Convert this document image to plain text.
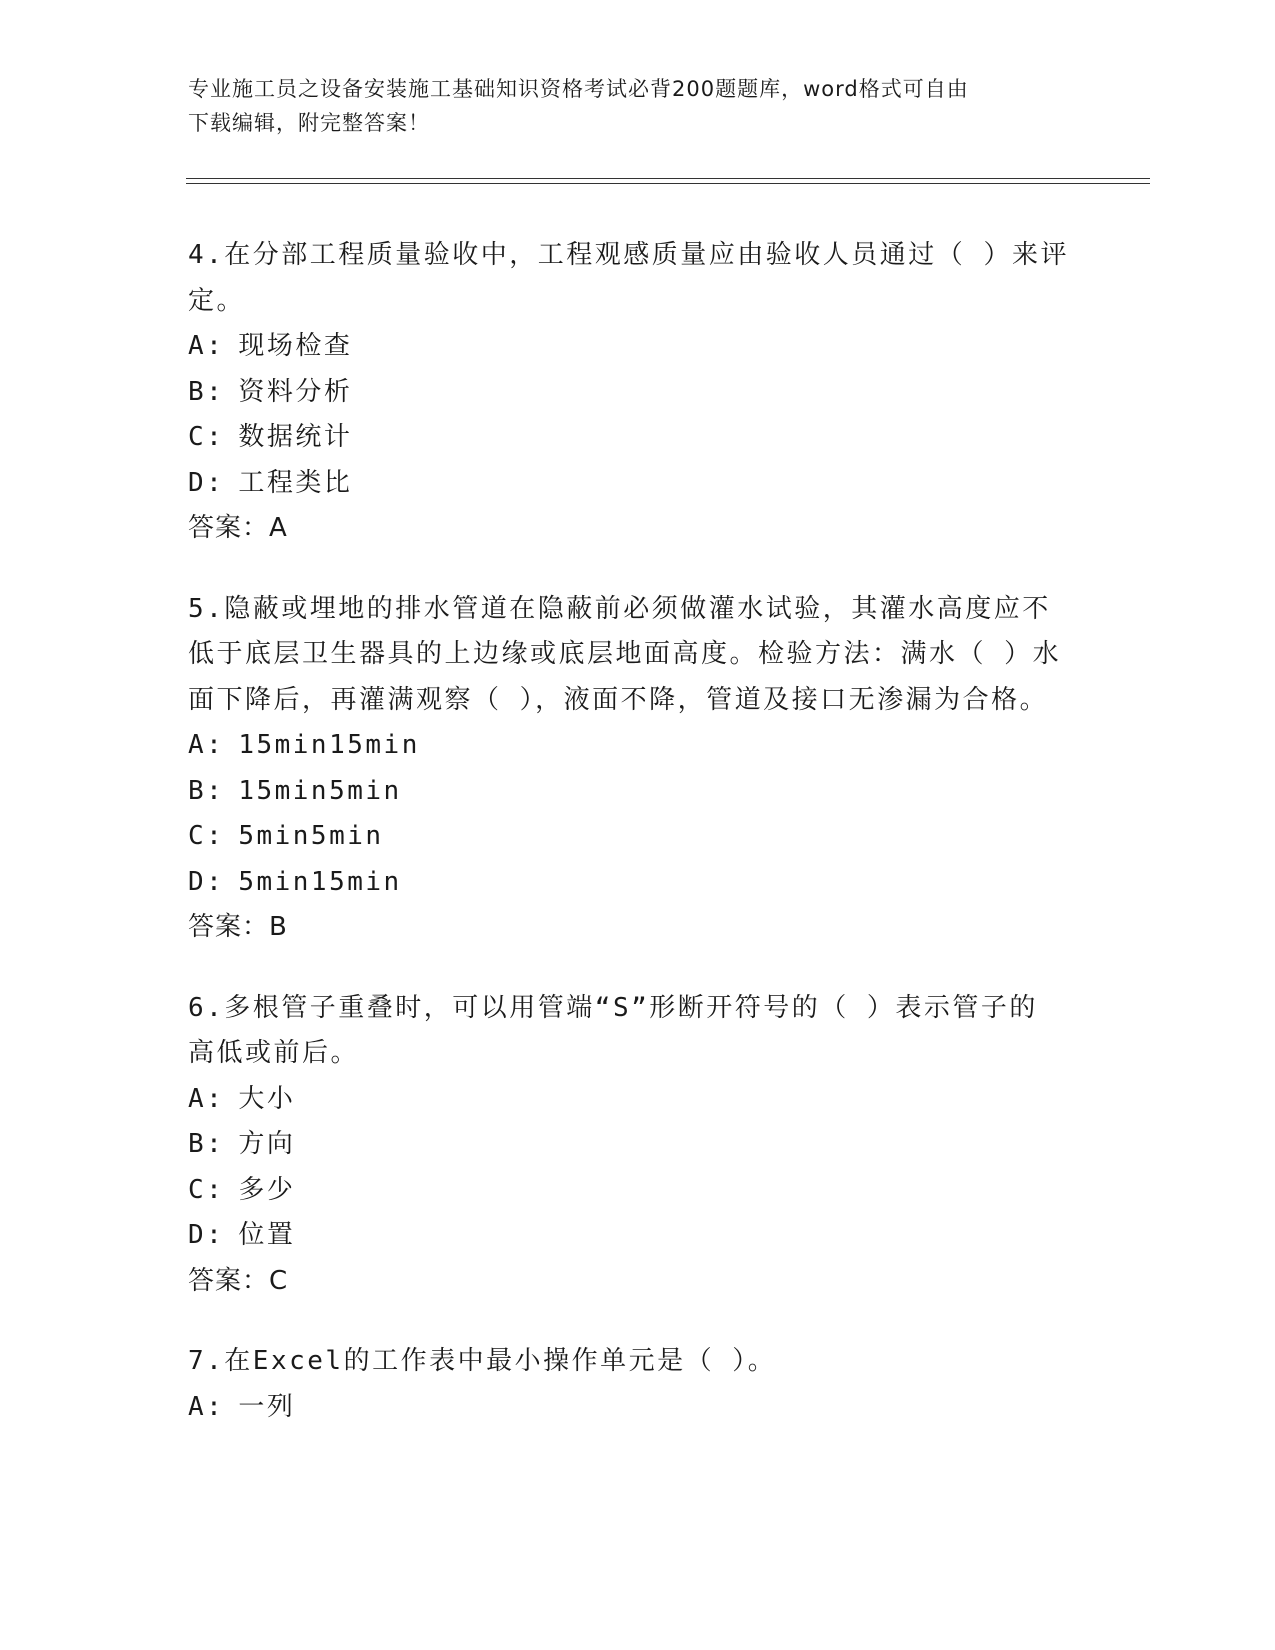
专业施工员之设备安装施工基础知识资格考试必背200题题库，word格式可自由
下载编辑，附完整答案！

4.在分部工程质量验收中，工程观感质量应由验收人员通过（ ）来评

定。

A: 现场检查

B: 资料分析

C: 数据统计

D: 工程类比

答案：A

5.隐蔽或埋地的排水管道在隐蔽前必须做灌水试验，其灌水高度应不

低于底层卫生器具的上边缘或底层地面高度。检验方法：满水（ ）水

面下降后，再灌满观察（ ），液面不降，管道及接口无渗漏为合格。

A: 15min15min

B: 15min5min

C: 5min5min

D: 5min15min

答案：B

6.多根管子重叠时，可以用管端“S”形断开符号的（ ）表示管子的

高低或前后。

A: 大小

B: 方向

C: 多少

D: 位置

答案：C

7.在Excel的工作表中最小操作单元是（ ）。

A: 一列
